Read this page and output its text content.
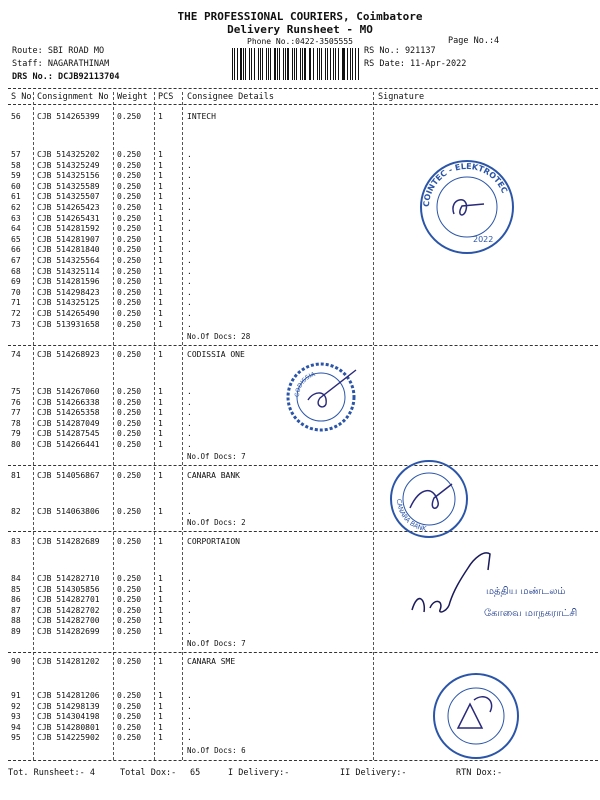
THE PROFESSIONAL COURIERS, Coimbatore
Delivery Runsheet - MO
Phone No.:0422-3505555	Page No.:4
Route: SBI ROAD MO
Staff: NAGARATHINAM
DRS No.: DCJB92113704
RS No.: 921137
RS Date: 11-Apr-2022
S No Consignment No Weight PCS Consignee Details	Signature
56 CJB 514265399 0.250 1	INTECH
57 CJB 514325202 0.250 1	.
58 CJB 514325249 0.250 1	.
59 CJB 514325156 0.250 1	.
60 CJB 514325589 0.250 1	.
61 CJB 514325507 0.250 1	.
62 CJB 514265423 0.250 1	.
63 CJB 514265431 0.250 1	.
64 CJB 514281592 0.250 1	.
65 CJB 514281907 0.250 1	.
66 CJB 514281840 0.250 1	.
67 CJB 514325564 0.250 1	.
68 CJB 514325114 0.250 1	.
69 CJB 514281596 0.250 1	.
70 CJB 514298423 0.250 1	.
71 CJB 514325125 0.250 1	.
72 CJB 514265490 0.250 1	.
73 CJB 513931658 0.250 1	.
No.Of Docs: 28
74 CJB 514268923 0.250 1	CODISSIA ONE
75 CJB 514267060 0.250 1	.
76 CJB 514266338 0.250 1	.
77 CJB 514265358 0.250 1	.
78 CJB 514287049 0.250 1	.
79 CJB 514287545 0.250 1	.
80 CJB 514266441 0.250 1	.
No.Of Docs: 7
81 CJB 514056867 0.250 1	CANARA BANK
82 CJB 514063806 0.250 1	.
No.Of Docs: 2
83 CJB 514282689 0.250 1	CORPORTAION
84 CJB 514282710 0.250 1	.
85 CJB 514305856 0.250 1	.
86 CJB 514282701 0.250 1	.
87 CJB 514282702 0.250 1	.
88 CJB 514282700 0.250 1	.
89 CJB 514282699 0.250 1	.
No.Of Docs: 7
90 CJB 514281202 0.250 1	CANARA SME
91 CJB 514281206 0.250 1	.
92 CJB 514298139 0.250 1	.
93 CJB 514304198 0.250 1	.
94 CJB 514280801 0.250 1	.
95 CJB 514225902 0.250 1	.
No.Of Docs: 6
COINTEC - ELEKTROTEC
2022
CODISSIA
CANARA BANK
மத்திய மண்டலம்
கோவை மாநகராட்சி
Tot. Runsheet:- 4	Total Dox:- 65	I Delivery:-	II Delivery:-	RTN Dox:-
